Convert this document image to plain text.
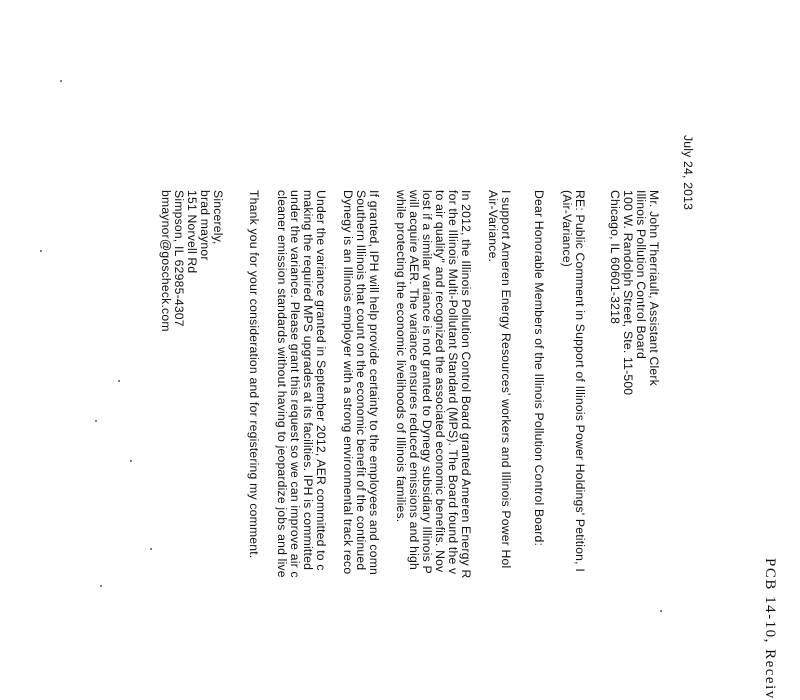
PCB 14-10, Receiv
July 24, 2013
Mr. John Therriault, Assistant Clerk
Illinois Pollution Control Board
100 W. Randolph Street, Ste. 11-500
Chicago, IL 60601-3218
RE: Public Comment in Support of Illinois Power Holdings' Petition, I
(Air-Variance)
Dear Honorable Members of the Illinois Pollution Control Board:
I support Ameren Energy Resources' workers and Illinois Power Hol
Air-Variance.
In 2012, the Illinois Pollution Control Board granted Ameren Energy R
for the Illinois Multi-Pollutant Standard (MPS). The Board found the v
to air quality" and recognized the associated economic benefits. Nov
lost if a similar variance is not granted to Dynegy subsidiary Illinois P
will acquire AER. The variance ensures reduced emissions and high
while protecting the economic livelihoods of Illinois families.
If granted, IPH will help provide certainty to the employees and comn
Southern Illinois that count on the economic benefit of the continued
Dynegy is an Illinois employer with a strong environmental track reco
Under the variance granted in September 2012, AER committed to c
making the required MPS upgrades at its facilities. IPH is committed
under the variance. Please grant this request so we can improve air c
cleaner emission standards without having to jeopardize jobs and live
Thank you for your consideration and for registering my comment.
Sincerely,
brad maynor
151 Norvell Rd
Simpson, IL 62985-4307
bmaynor@goscheck.com
